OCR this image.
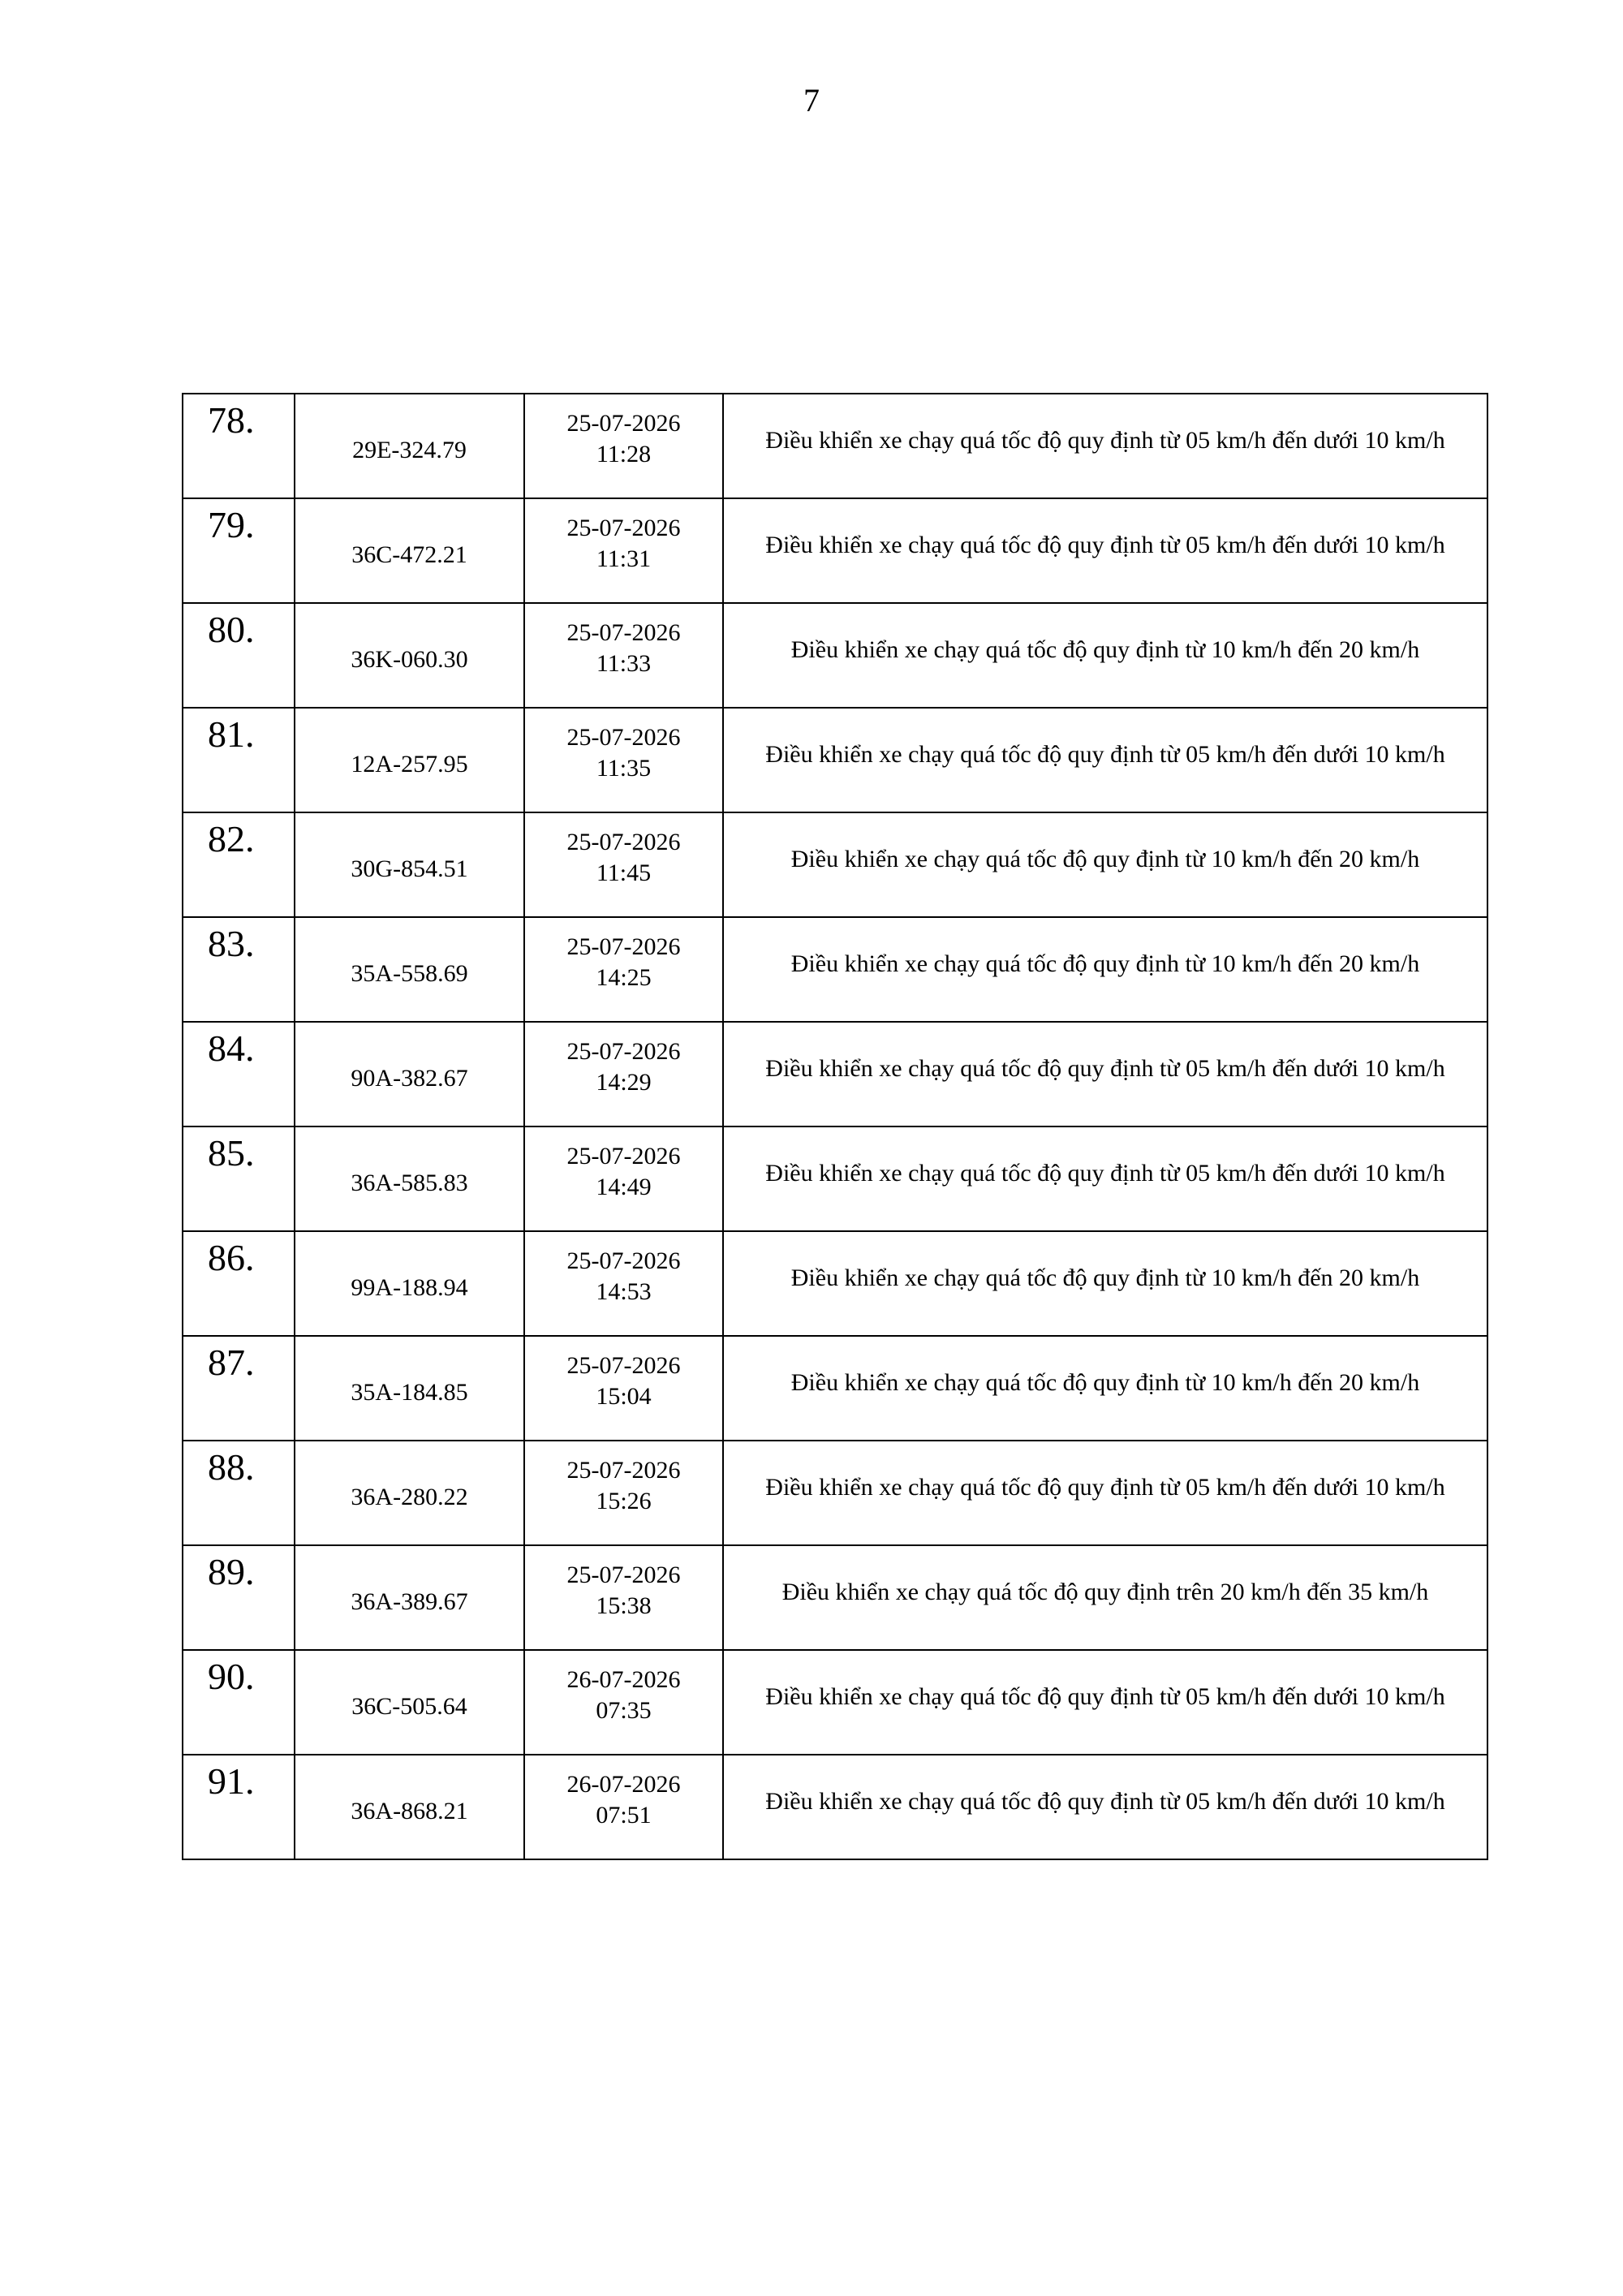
7
78.	29E-324.79	25-07-2026
11:28	Điều khiển xe chạy quá tốc độ quy định từ 05 km/h đến dưới 10 km/h

79.	36C-472.21	25-07-2026
11:31	Điều khiển xe chạy quá tốc độ quy định từ 05 km/h đến dưới 10 km/h

80.	36K-060.30	25-07-2026
11:33	Điều khiển xe chạy quá tốc độ quy định từ 10 km/h đến 20 km/h

81.	12A-257.95	25-07-2026
11:35	Điều khiển xe chạy quá tốc độ quy định từ 05 km/h đến dưới 10 km/h

82.	30G-854.51	25-07-2026
11:45	Điều khiển xe chạy quá tốc độ quy định từ 10 km/h đến 20 km/h

83.	35A-558.69	25-07-2026
14:25	Điều khiển xe chạy quá tốc độ quy định từ 10 km/h đến 20 km/h

84.	90A-382.67	25-07-2026
14:29	Điều khiển xe chạy quá tốc độ quy định từ 05 km/h đến dưới 10 km/h

85.	36A-585.83	25-07-2026
14:49	Điều khiển xe chạy quá tốc độ quy định từ 05 km/h đến dưới 10 km/h

86.	99A-188.94	25-07-2026
14:53	Điều khiển xe chạy quá tốc độ quy định từ 10 km/h đến 20 km/h

87.	35A-184.85	25-07-2026
15:04	Điều khiển xe chạy quá tốc độ quy định từ 10 km/h đến 20 km/h

88.	36A-280.22	25-07-2026
15:26	Điều khiển xe chạy quá tốc độ quy định từ 05 km/h đến dưới 10 km/h

89.	36A-389.67	25-07-2026
15:38	Điều khiển xe chạy quá tốc độ quy định trên 20 km/h đến 35 km/h

90.	36C-505.64	26-07-2026
07:35	Điều khiển xe chạy quá tốc độ quy định từ 05 km/h đến dưới 10 km/h

91.	36A-868.21	26-07-2026
07:51	Điều khiển xe chạy quá tốc độ quy định từ 05 km/h đến dưới 10 km/h
